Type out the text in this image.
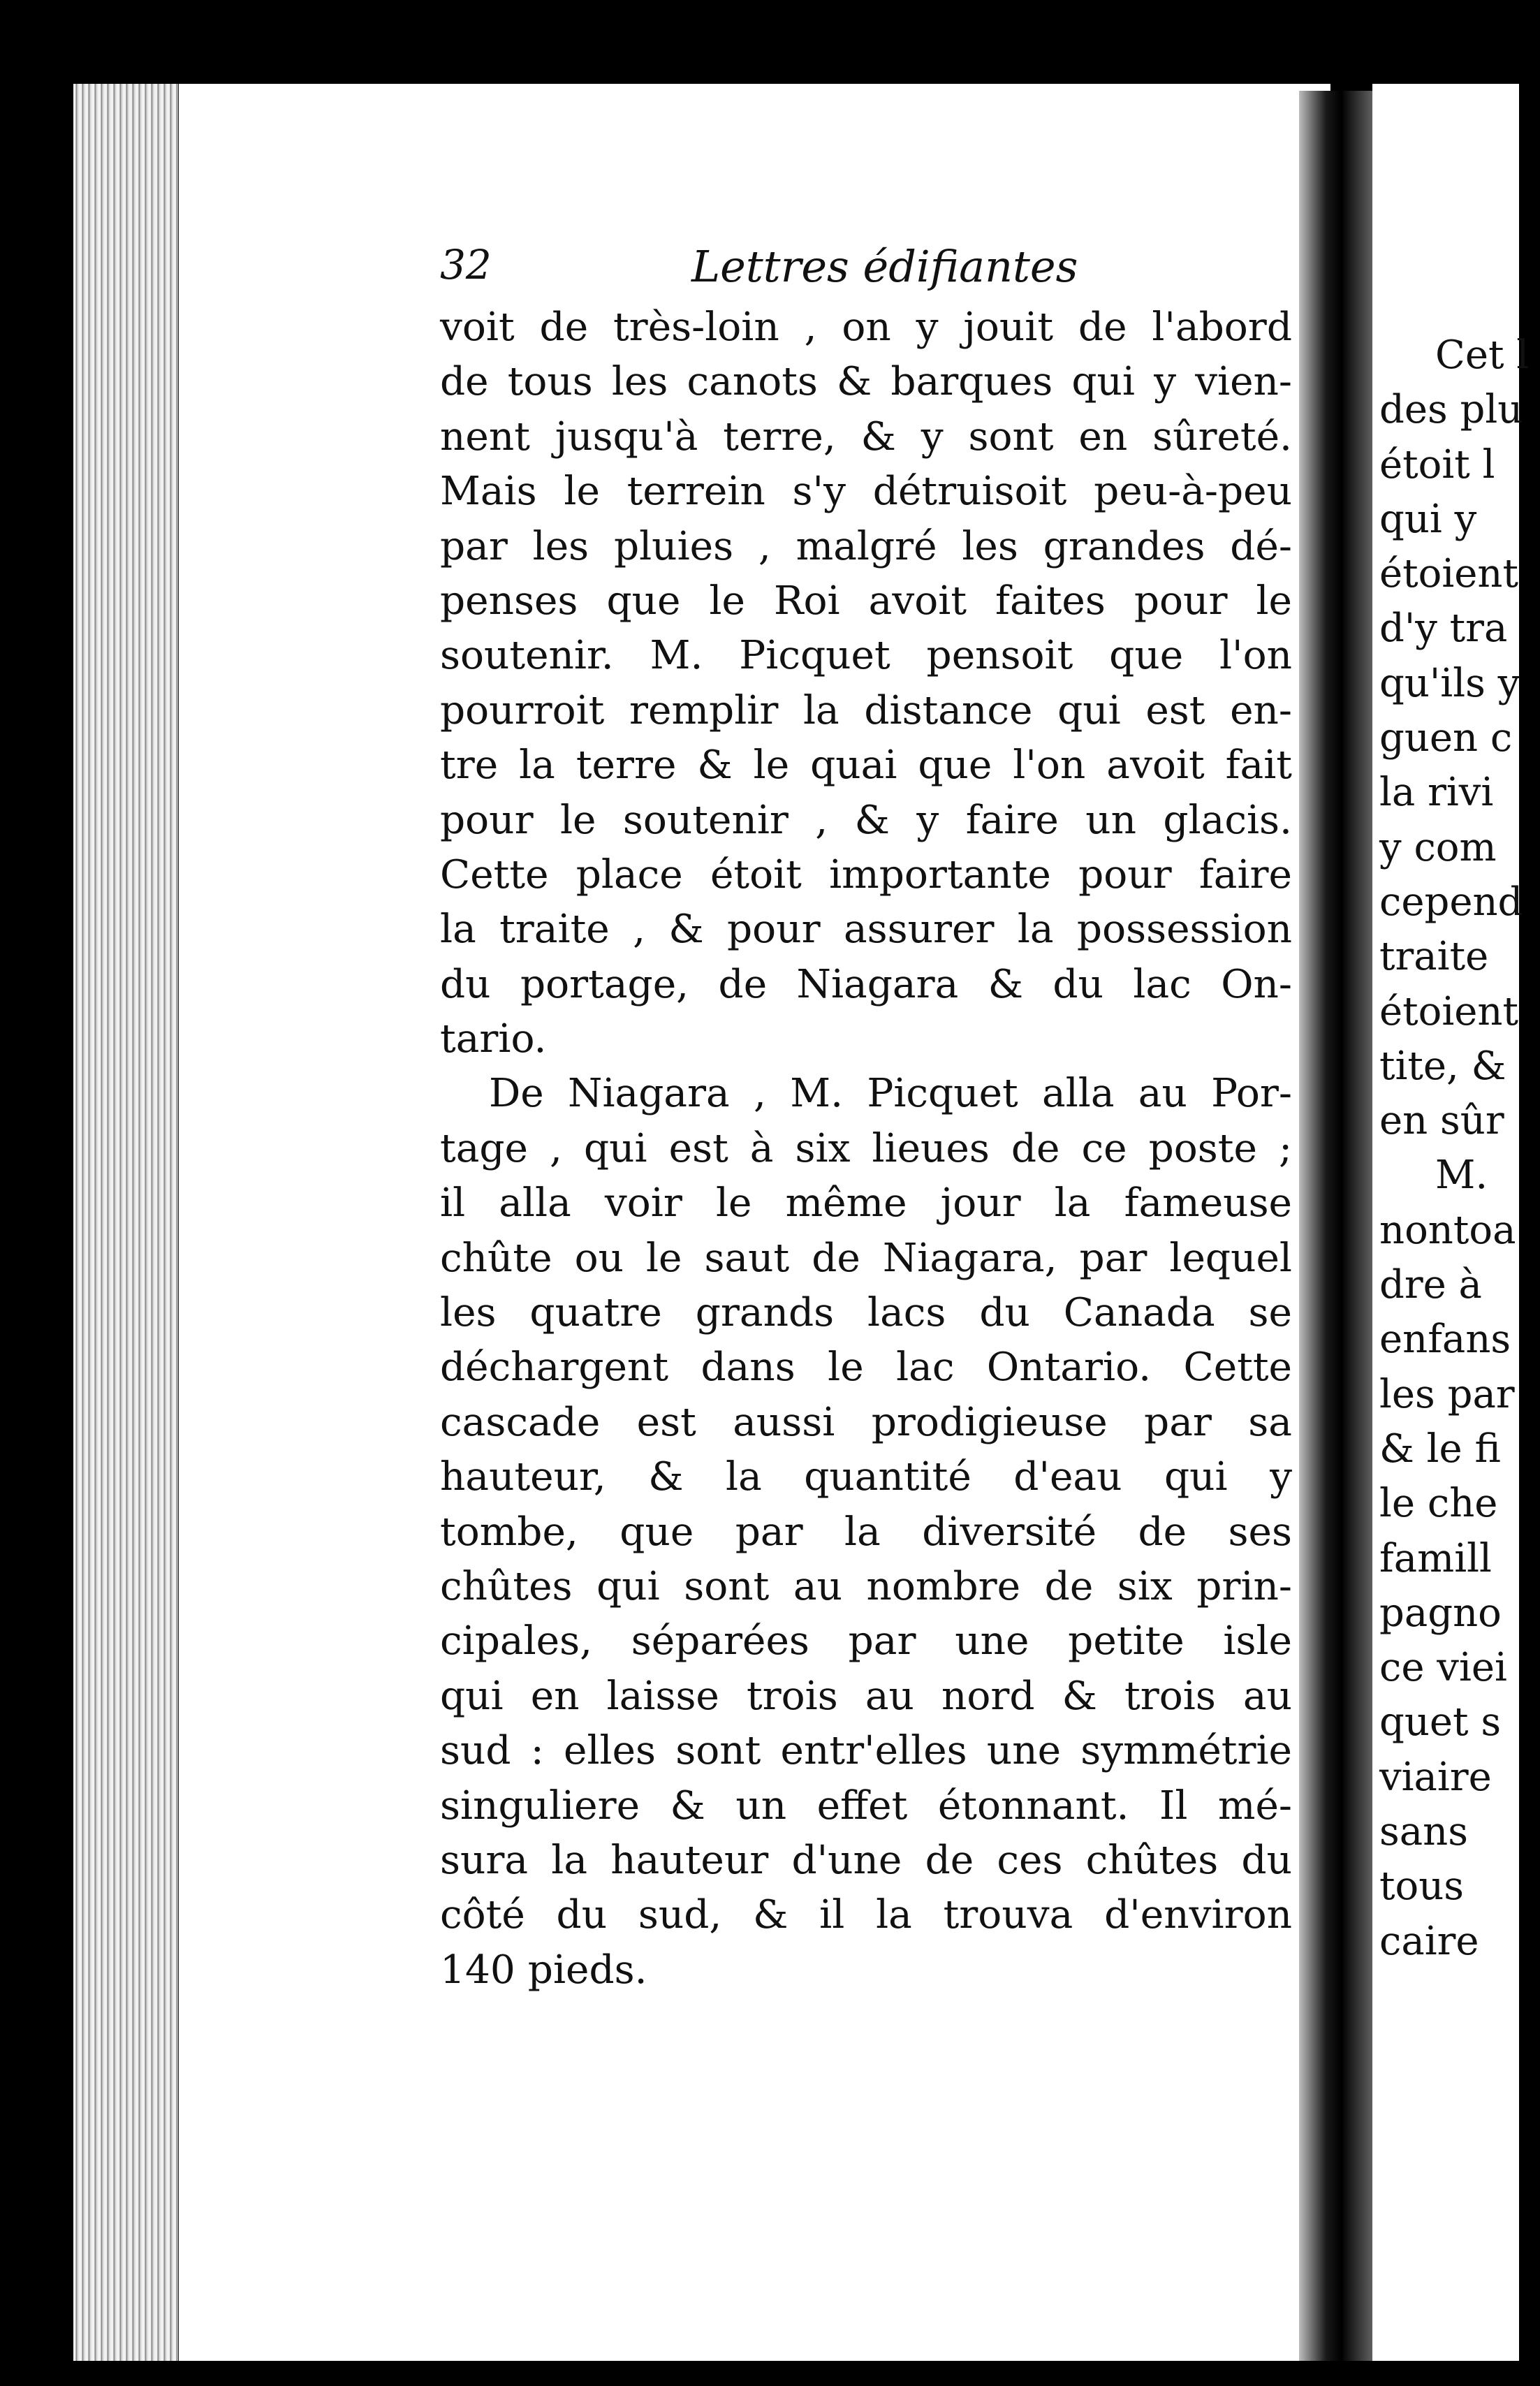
32	Lettres édifiantes
voit de très-loin , on y jouit de l'abord
de tous les canots & barques qui y vien-
nent jusqu'à terre, & y sont en sûreté.
Mais le terrein s'y détruisoit peu-à-peu
par les pluies , malgré les grandes dé-
penses que le Roi avoit faites pour le
soutenir. M. Picquet pensoit que l'on
pourroit remplir la distance qui est en-
tre la terre & le quai que l'on avoit fait
pour le soutenir , & y faire un glacis.
Cette place étoit importante pour faire
la traite , & pour assurer la possession
du portage, de Niagara & du lac On-
tario.
De Niagara , M. Picquet alla au Por-
tage , qui est à six lieues de ce poste ;
il alla voir le même jour la fameuse
chûte ou le saut de Niagara, par lequel
les quatre grands lacs du Canada se
déchargent dans le lac Ontario. Cette
cascade est aussi prodigieuse par sa
hauteur, & la quantité d'eau qui y
tombe, que par la diversité de ses
chûtes qui sont au nombre de six prin-
cipales, séparées par une petite isle
qui en laisse trois au nord & trois au
sud : elles sont entr'elles une symmétrie
singuliere & un effet étonnant. Il mé-
sura la hauteur d'une de ces chûtes du
côté du sud, & il la trouva d'environ
140 pieds.
Cet l
des plu
étoit l
qui y
étoient
d'y tra
qu'ils y
guen c
la rivi
y com
cepend
traite
étoient
tite, &
en sûr
M.
nontoa
dre à
enfans
les par
& le fi
le che
famill
pagno
ce viei
quet s
viaire
sans
tous
caire
